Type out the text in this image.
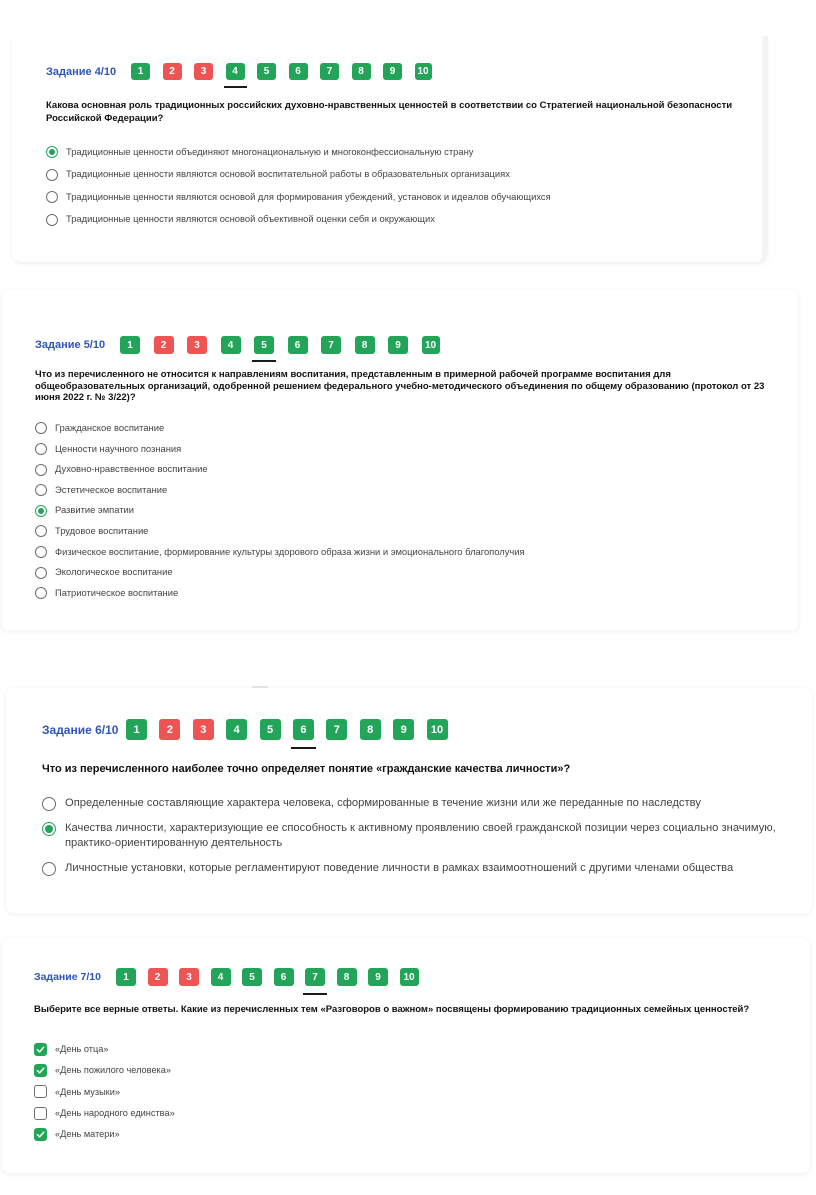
Задание 4/10	1	2	3	4	5	6	7	8	9	10
Какова основная роль традиционных российских духовно-нравственных ценностей в соответствии со Стратегией национальной безопасности Российской Федерации?
Традиционные ценности объединяют многонациональную и многоконфессиональную страну
Традиционные ценности являются основой воспитательной работы в образовательных организациях
Традиционные ценности являются основой для формирования убеждений, установок и идеалов обучающихся
Традиционные ценности являются основой объективной оценки себя и окружающих
Задание 5/10	1	2	3	4	5	6	7	8	9	10
Что из перечисленного не относится к направлениям воспитания, представленным в примерной рабочей программе воспитания для общеобразовательных организаций, одобренной решением федерального учебно-методического объединения по общему образованию (протокол от 23 июня 2022 г. № 3/22)?
Гражданское воспитание
Ценности научного познания
Духовно-нравственное воспитание
Эстетическое воспитание
Развитие эмпатии
Трудовое воспитание
Физическое воспитание, формирование культуры здорового образа жизни и эмоционального благополучия
Экологическое воспитание
Патриотическое воспитание
Задание 6/10	1	2	3	4	5	6	7	8	9	10
Что из перечисленного наиболее точно определяет понятие «гражданские качества личности»?
Определенные составляющие характера человека, сформированные в течение жизни или же переданные по наследству
Качества личности, характеризующие ее способность к активному проявлению своей гражданской позиции через социально значимую, практико-ориентированную деятельность
Личностные установки, которые регламентируют поведение личности в рамках взаимоотношений с другими членами общества
Задание 7/10	1	2	3	4	5	6	7	8	9	10
Выберите все верные ответы. Какие из перечисленных тем «Разговоров о важном» посвящены формированию традиционных семейных ценностей?
«День отца»
«День пожилого человека»
«День музыки»
«День народного единства»
«День матери»
